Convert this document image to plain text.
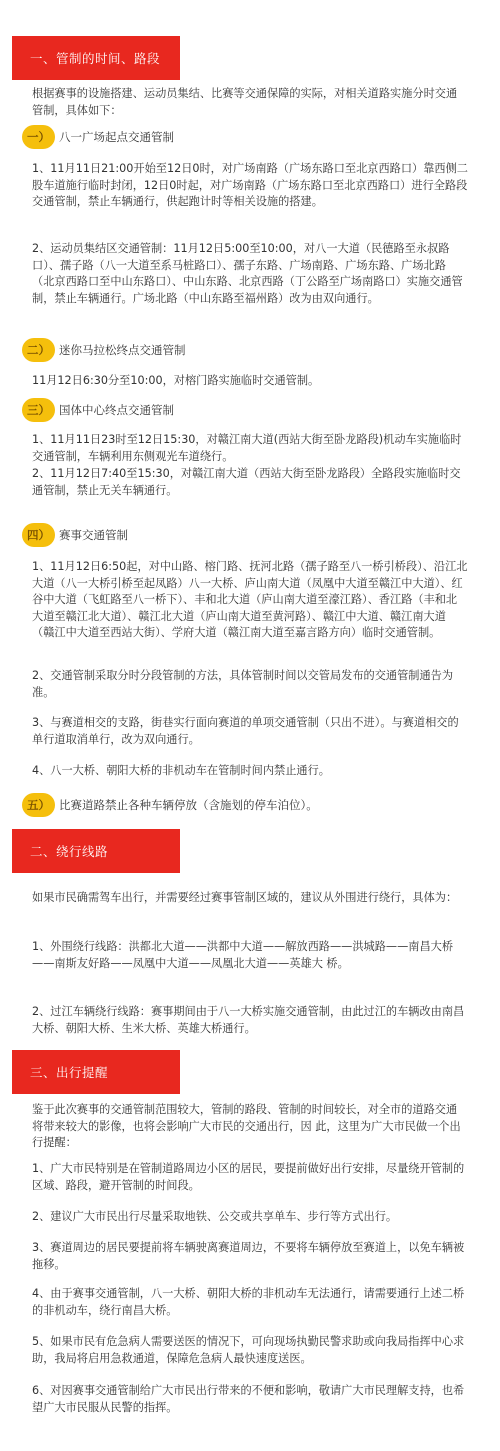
一、管制的时间、路段

根据赛事的设施搭建、运动员集结、比赛等交通保障的实际，对相关道路实施分时交通管制，具体如下：

一） 八一广场起点交通管制

1、11月11日21:00开始至12日0时，对广场南路（广场东路口至北京西路口）靠西侧二股车道施行临时封闭，12日0时起，对广场南路（广场东路口至北京西路口）进行全路段交通管制，禁止车辆通行，供起跑计时等相关设施的搭建。

2、运动员集结区交通管制：11月12日5:00至10:00，对八一大道（民德路至永叔路口）、孺子路（八一大道至系马桩路口）、孺子东路、广场南路、广场东路、广场北路（北京西路口至中山东路口）、中山东路、北京西路（丁公路至广场南路口）实施交通管制，禁止车辆通行。广场北路（中山东路至福州路）改为由双向通行。

二） 迷你马拉松终点交通管制

11月12日6:30分至10:00，对榕门路实施临时交通管制。

三） 国体中心终点交通管制

1、11月11日23时至12日15:30，对赣江南大道(西站大街至卧龙路段)机动车实施临时交通管制，车辆利用东侧观光车道绕行。

2、11月12日7:40至15:30，对赣江南大道（西站大街至卧龙路段）全路段实施临时交通管制，禁止无关车辆通行。

四） 赛事交通管制

1、11月12日6:50起，对中山路、榕门路、抚河北路（孺子路至八一桥引桥段）、沿江北大道（八一大桥引桥至起凤路）八一大桥、庐山南大道（凤凰中大道至赣江中大道）、红谷中大道（飞虹路至八一桥下）、丰和北大道（庐山南大道至濠江路）、香江路（丰和北大道至赣江北大道）、赣江北大道（庐山南大道至黄河路）、赣江中大道、赣江南大道（赣江中大道至西站大街）、学府大道（赣江南大道至嘉言路方向）临时交通管制。

2、交通管制采取分时分段管制的方法，具体管制时间以交管局发布的交通管制通告为准。

3、与赛道相交的支路，街巷实行面向赛道的单项交通管制（只出不进）。与赛道相交的单行道取消单行，改为双向通行。

4、八一大桥、朝阳大桥的非机动车在管制时间内禁止通行。

五） 比赛道路禁止各种车辆停放（含施划的停车泊位）。
二、绕行线路

如果市民确需驾车出行，并需要经过赛事管制区域的，建议从外围进行绕行，具体为：

1、外围绕行线路：洪都北大道——洪都中大道——解放西路——洪城路——南昌大桥——南斯友好路——凤凰中大道——凤凰北大道——英雄大 桥。

2、过江车辆绕行线路：赛事期间由于八一大桥实施交通管制，由此过江的车辆改由南昌大桥、朝阳大桥、生米大桥、英雄大桥通行。

三、出行提醒

鉴于此次赛事的交通管制范围较大，管制的路段、管制的时间较长，对全市的道路交通将带来较大的影像，也将会影响广大市民的交通出行，因 此，这里为广大市民做一个出行提醒：

1、广大市民特别是在管制道路周边小区的居民，要提前做好出行安排，尽量绕开管制的区域、路段，避开管制的时间段。

2、建议广大市民出行尽量采取地铁、公交或共享单车、步行等方式出行。

3、赛道周边的居民要提前将车辆驶离赛道周边，不要将车辆停放至赛道上，以免车辆被拖移。

4、由于赛事交通管制，八一大桥、朝阳大桥的非机动车无法通行，请需要通行上述二桥的非机动车，绕行南昌大桥。

5、如果市民有危急病人需要送医的情况下，可向现场执勤民警求助或向我局指挥中心求助，我局将启用急救通道，保障危急病人最快速度送医。

6、对因赛事交通管制给广大市民出行带来的不便和影响，敬请广大市民理解支持，也希望广大市民服从民警的指挥。
